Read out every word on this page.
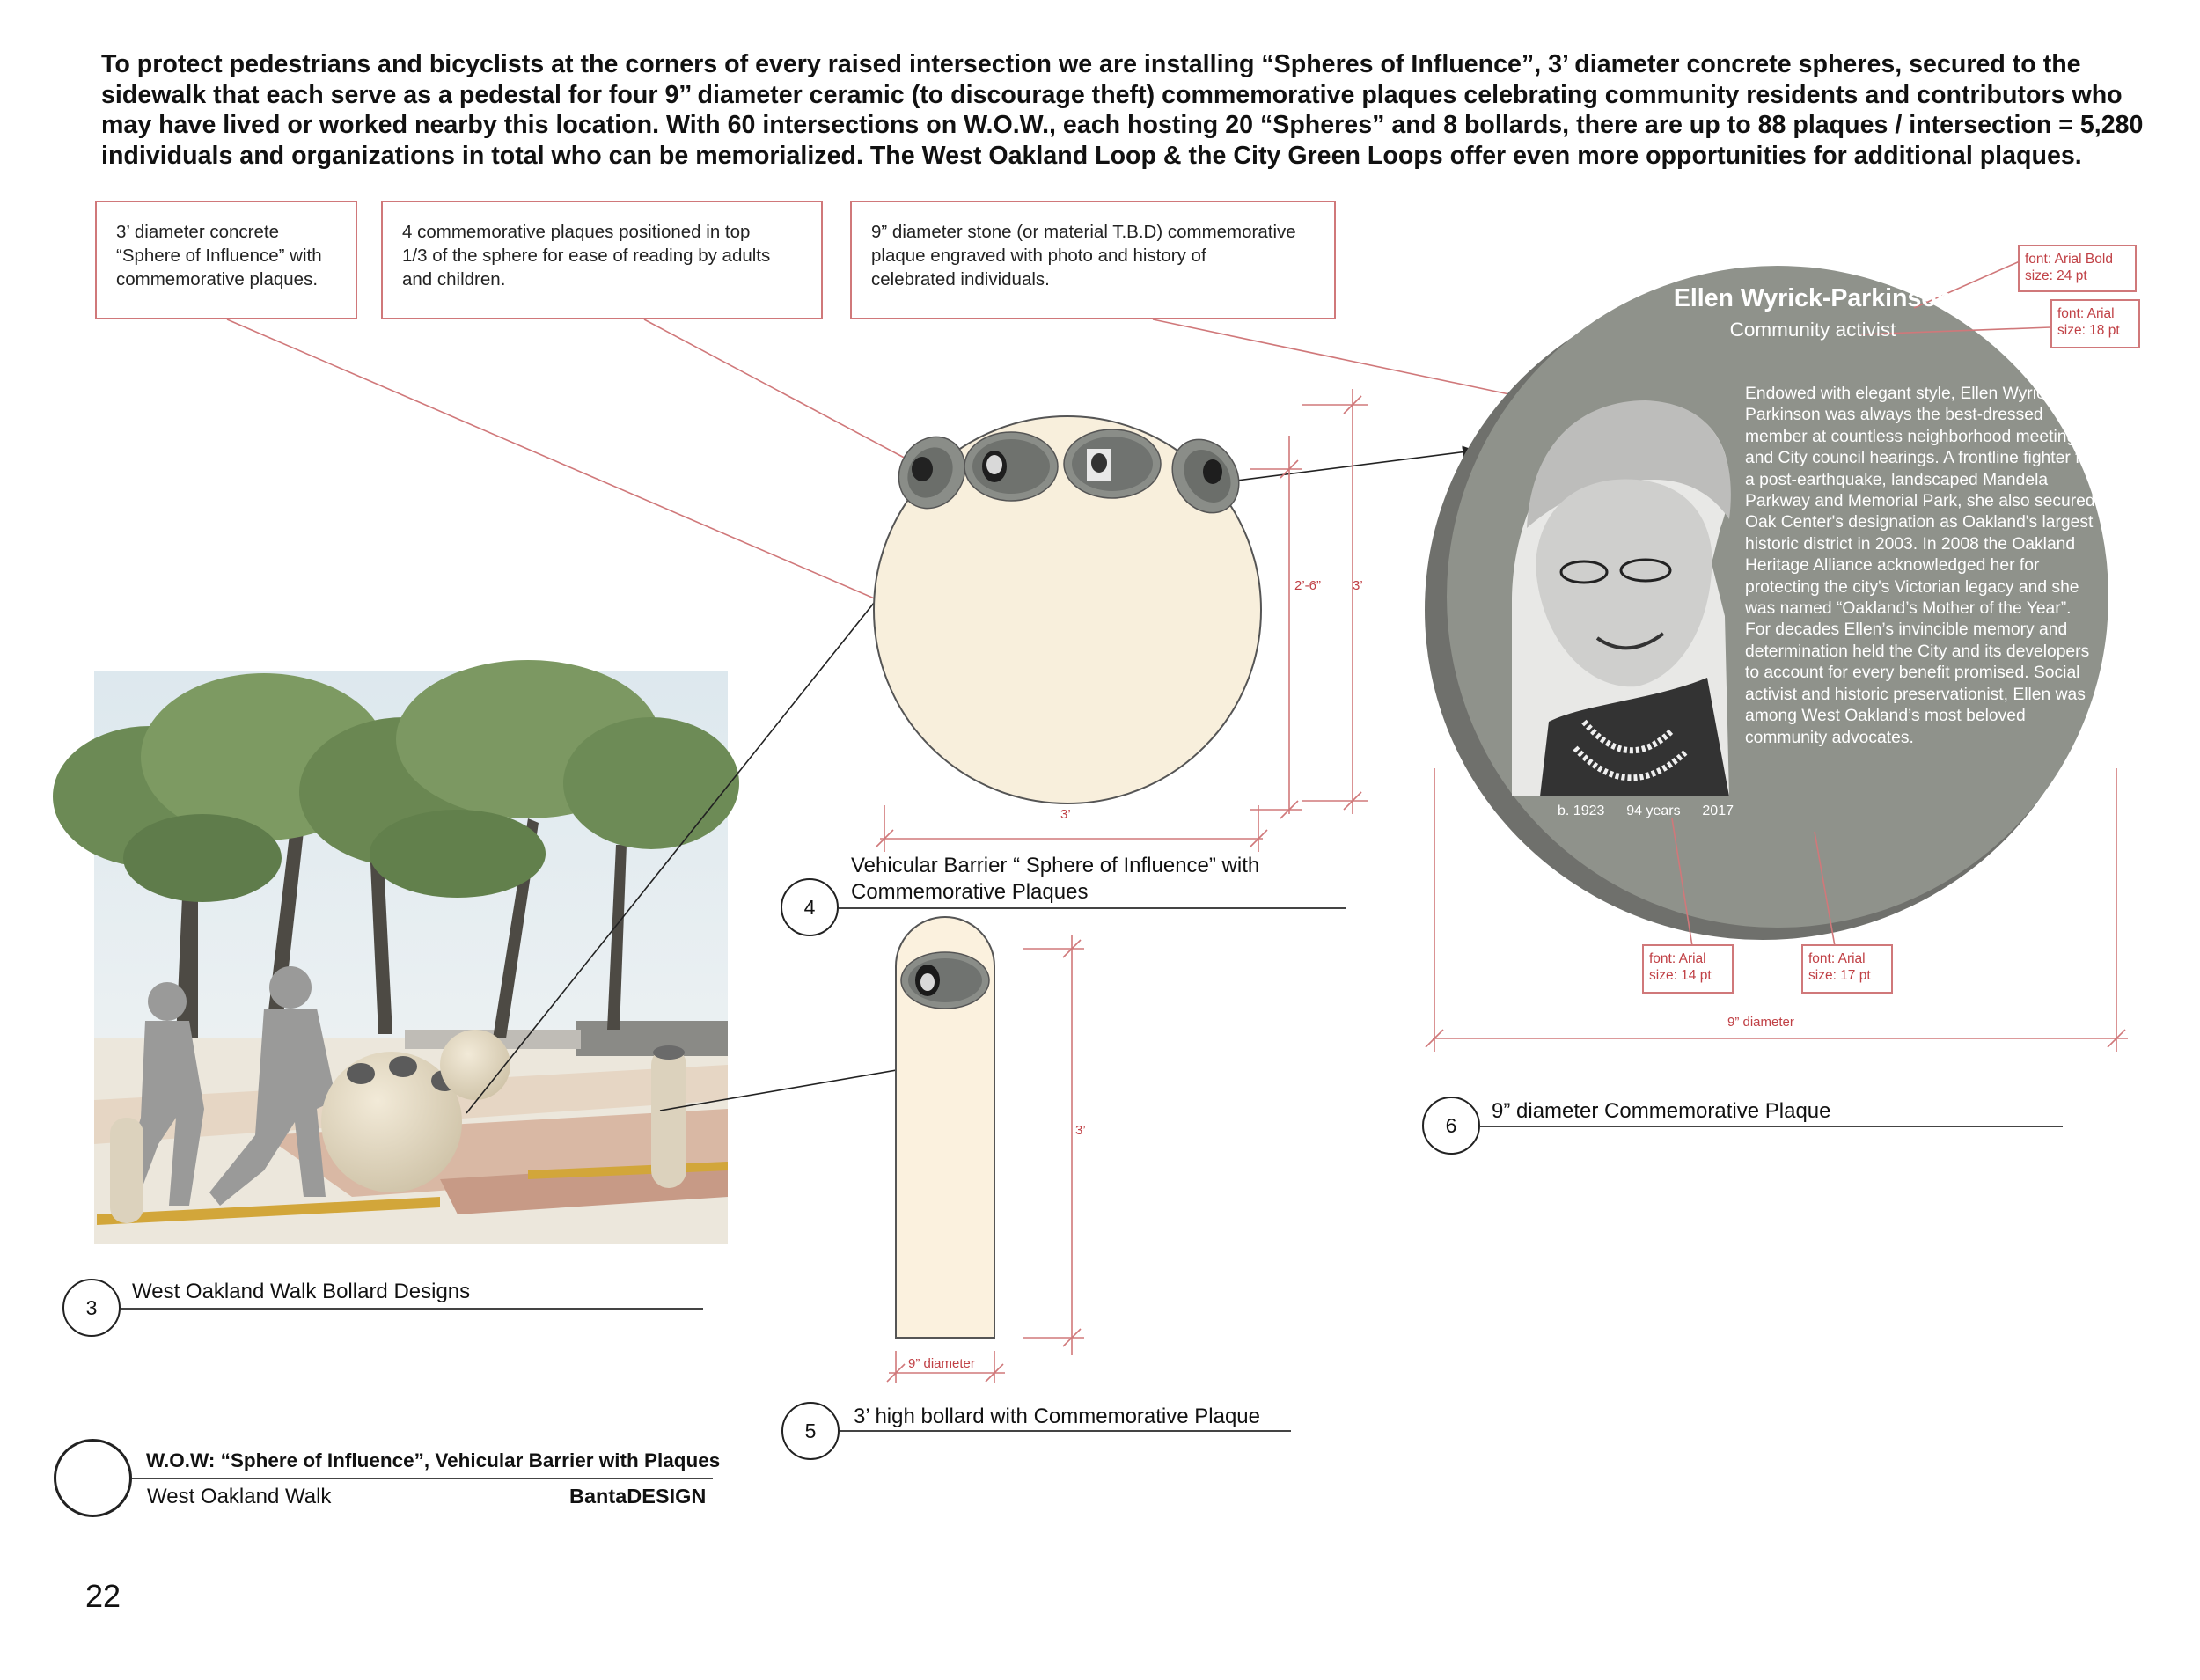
To protect pedestrians and bicyclists at the corners of every raised intersection we are installing “Spheres of Influence”, 3’ diameter concrete spheres, secured to the sidewalk that each serve as a pedestal for four 9’’ diameter ceramic (to discourage theft) commemorative plaques celebrating community residents and contributors who may have lived or worked nearby this location. With 60 intersections on W.O.W., each hosting 20 “Spheres” and 8 bollards, there are up to 88 plaques / intersection = 5,280 individuals and organizations in total who can be memorialized. The West Oakland Loop & the City Green Loops offer even more opportunities for additional plaques.

3’ diameter concrete
“Sphere of Influence” with
commemorative plaques.
4 commemorative plaques positioned in top
1/3 of the sphere for ease of reading by adults
and children.
9” diameter stone (or material T.B.D) commemorative
plaque engraved with photo and history of
celebrated individuals.
Ellen Wyrick-Parkinson
Community activist

Endowed with elegant style, Ellen Wyrick-Parkinson was always the best-dressed member at countless neighborhood meetings and City council hearings. A frontline fighter for a post-earthquake, landscaped Mandela Parkway and Memorial Park, she also secured Oak Center's designation as Oakland's largest historic district in 2003. In 2008 the Oakland Heritage Alliance acknowledged her for protecting the city's Victorian legacy and she was named “Oakland’s Mother of the Year”. For decades Ellen’s invincible memory and determination held the City and its developers to account for every benefit promised. Social activist and historic preservationist, Ellen was among West Oakland’s most beloved community advocates.

b. 1923 94 years 2017
font: Arial Bold
size: 24 pt
font: Arial
size: 18 pt
font: Arial
size: 14 pt
font: Arial
size: 17 pt
3’
2’-6” 3’
3’
9” diameter
9” diameter
3
West Oakland Walk Bollard Designs
4
Vehicular Barrier “ Sphere of Influence” with
Commemorative Plaques
5
3’ high bollard with Commemorative Plaque
6
9” diameter Commemorative Plaque
W.O.W: “Sphere of Influence”, Vehicular Barrier with Plaques
West Oakland Walk	BantaDESIGN
22
